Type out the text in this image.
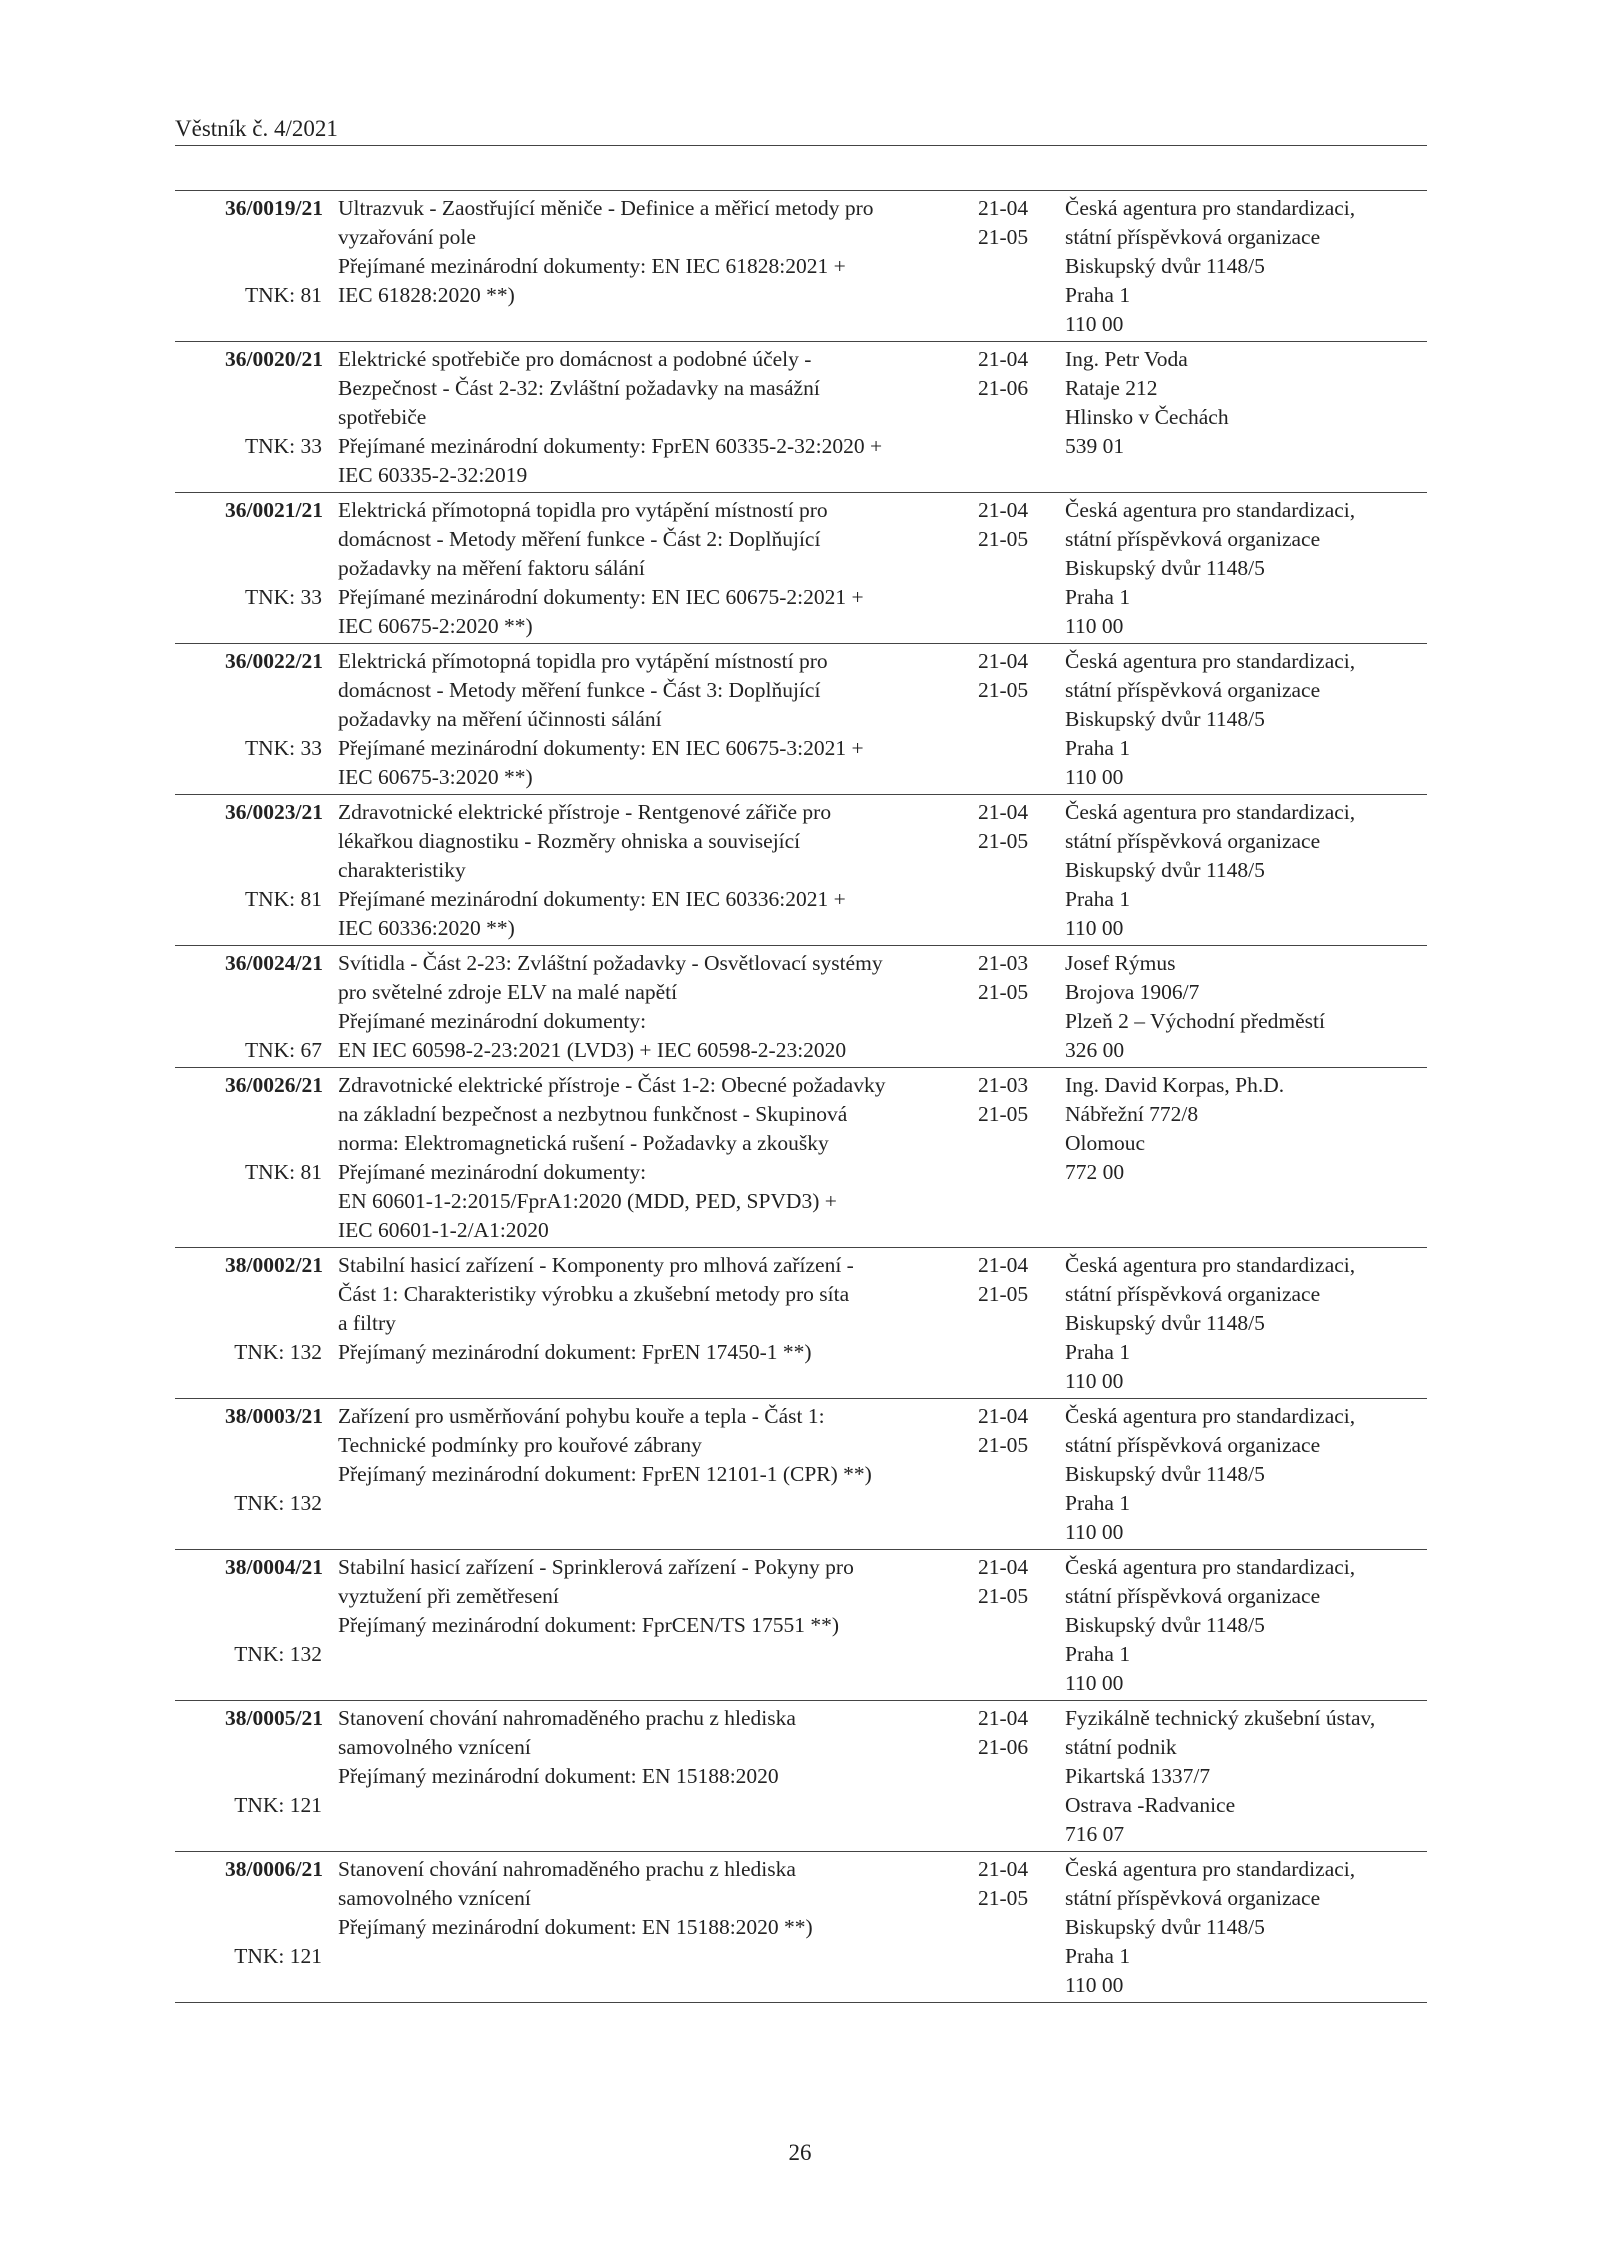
Věstník č. 4/2021
36/0019/21
TNK: 81
Ultrazvuk - Zaostřující měniče - Definice a měřicí metody pro
vyzařování pole
Přejímané mezinárodní dokumenty: EN IEC 61828:2021 +
IEC 61828:2020 **)
21-04
21-05
Česká agentura pro standardizaci,
státní příspěvková organizace
Biskupský dvůr 1148/5
Praha 1
110 00
36/0020/21
TNK: 33
Elektrické spotřebiče pro domácnost a podobné účely -
Bezpečnost - Část 2-32: Zvláštní požadavky na masážní
spotřebiče
Přejímané mezinárodní dokumenty: FprEN 60335-2-32:2020 +
IEC 60335-2-32:2019
21-04
21-06
Ing. Petr Voda
Rataje 212
Hlinsko v Čechách
539 01
36/0021/21
TNK: 33
Elektrická přímotopná topidla pro vytápění místností pro
domácnost - Metody měření funkce - Část 2: Doplňující
požadavky na měření faktoru sálání
Přejímané mezinárodní dokumenty: EN IEC 60675-2:2021 +
IEC 60675-2:2020 **)
21-04
21-05
Česká agentura pro standardizaci,
státní příspěvková organizace
Biskupský dvůr 1148/5
Praha 1
110 00
36/0022/21
TNK: 33
Elektrická přímotopná topidla pro vytápění místností pro
domácnost - Metody měření funkce - Část 3: Doplňující
požadavky na měření účinnosti sálání
Přejímané mezinárodní dokumenty: EN IEC 60675-3:2021 +
IEC 60675-3:2020 **)
21-04
21-05
Česká agentura pro standardizaci,
státní příspěvková organizace
Biskupský dvůr 1148/5
Praha 1
110 00
36/0023/21
TNK: 81
Zdravotnické elektrické přístroje - Rentgenové zářiče pro
lékařkou diagnostiku - Rozměry ohniska a související
charakteristiky
Přejímané mezinárodní dokumenty: EN IEC 60336:2021 +
IEC 60336:2020 **)
21-04
21-05
Česká agentura pro standardizaci,
státní příspěvková organizace
Biskupský dvůr 1148/5
Praha 1
110 00
36/0024/21
TNK: 67
Svítidla - Část 2-23: Zvláštní požadavky - Osvětlovací systémy
pro světelné zdroje ELV na malé napětí
Přejímané mezinárodní dokumenty:
EN IEC 60598-2-23:2021 (LVD3) + IEC 60598-2-23:2020
21-03
21-05
Josef Rýmus
Brojova 1906/7
Plzeň 2 – Východní předměstí
326 00
36/0026/21
TNK: 81
Zdravotnické elektrické přístroje - Část 1-2: Obecné požadavky
na základní bezpečnost a nezbytnou funkčnost - Skupinová
norma: Elektromagnetická rušení - Požadavky a zkoušky
Přejímané mezinárodní dokumenty:
EN 60601-1-2:2015/FprA1:2020 (MDD, PED, SPVD3) +
IEC 60601-1-2/A1:2020
21-03
21-05
Ing. David Korpas, Ph.D.
Nábřežní 772/8
Olomouc
772 00
38/0002/21
TNK: 132
Stabilní hasicí zařízení - Komponenty pro mlhová zařízení -
Část 1: Charakteristiky výrobku a zkušební metody pro síta
a filtry
Přejímaný mezinárodní dokument: FprEN 17450-1 **)
21-04
21-05
Česká agentura pro standardizaci,
státní příspěvková organizace
Biskupský dvůr 1148/5
Praha 1
110 00
38/0003/21
TNK: 132
Zařízení pro usměrňování pohybu kouře a tepla - Část 1:
Technické podmínky pro kouřové zábrany
Přejímaný mezinárodní dokument: FprEN 12101-1 (CPR) **)
21-04
21-05
Česká agentura pro standardizaci,
státní příspěvková organizace
Biskupský dvůr 1148/5
Praha 1
110 00
38/0004/21
TNK: 132
Stabilní hasicí zařízení - Sprinklerová zařízení - Pokyny pro
vyztužení při zemětřesení
Přejímaný mezinárodní dokument: FprCEN/TS 17551 **)
21-04
21-05
Česká agentura pro standardizaci,
státní příspěvková organizace
Biskupský dvůr 1148/5
Praha 1
110 00
38/0005/21
TNK: 121
Stanovení chování nahromaděného prachu z hlediska
samovolného vznícení
Přejímaný mezinárodní dokument: EN 15188:2020
21-04
21-06
Fyzikálně technický zkušební ústav,
státní podnik
Pikartská 1337/7
Ostrava -Radvanice
716 07
38/0006/21
TNK: 121
Stanovení chování nahromaděného prachu z hlediska
samovolného vznícení
Přejímaný mezinárodní dokument: EN 15188:2020 **)
21-04
21-05
Česká agentura pro standardizaci,
státní příspěvková organizace
Biskupský dvůr 1148/5
Praha 1
110 00
26
